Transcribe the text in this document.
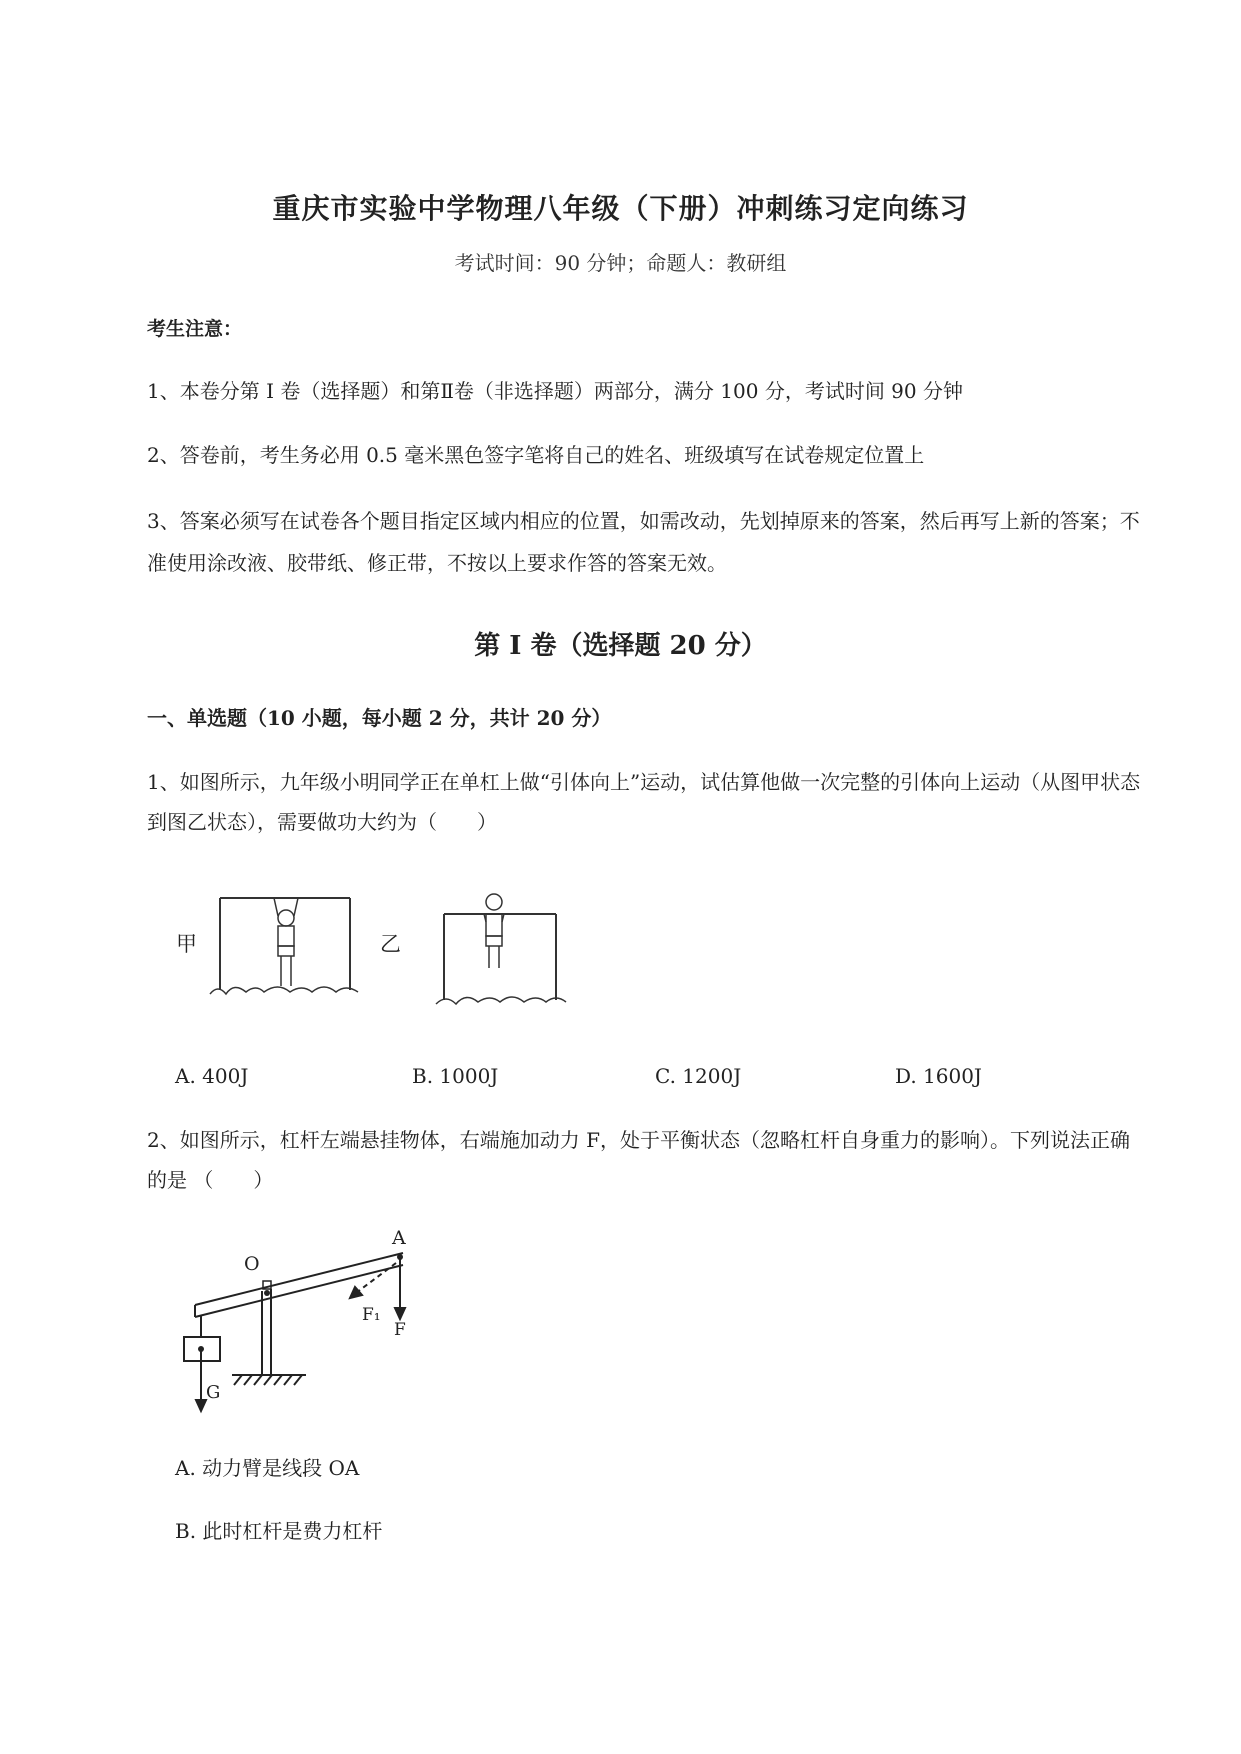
重庆市实验中学物理八年级（下册）冲刺练习定向练习
考试时间：90 分钟；命题人：教研组
考生注意：
1、本卷分第 I 卷（选择题）和第Ⅱ卷（非选择题）两部分，满分 100 分，考试时间 90 分钟
2、答卷前，考生务必用 0.5 毫米黑色签字笔将自己的姓名、班级填写在试卷规定位置上
3、答案必须写在试卷各个题目指定区域内相应的位置，如需改动，先划掉原来的答案，然后再写上新的答案；不准使用涂改液、胶带纸、修正带，不按以上要求作答的答案无效。
第 I 卷（选择题 20 分）
一、单选题（10 小题，每小题 2 分，共计 20 分）
1、如图所示，九年级小明同学正在单杠上做“引体向上”运动，试估算他做一次完整的引体向上运动（从图甲状态到图乙状态），需要做功大约为（　　）
甲	乙
A. 400J	B. 1000J	C. 1200J	D. 1600J
2、如图所示，杠杆左端悬挂物体，右端施加动力 F，处于平衡状态（忽略杠杆自身重力的影响）。下列说法正确的是 （　　）
A
O
F₁
F
G
A. 动力臂是线段 OA
B. 此时杠杆是费力杠杆
